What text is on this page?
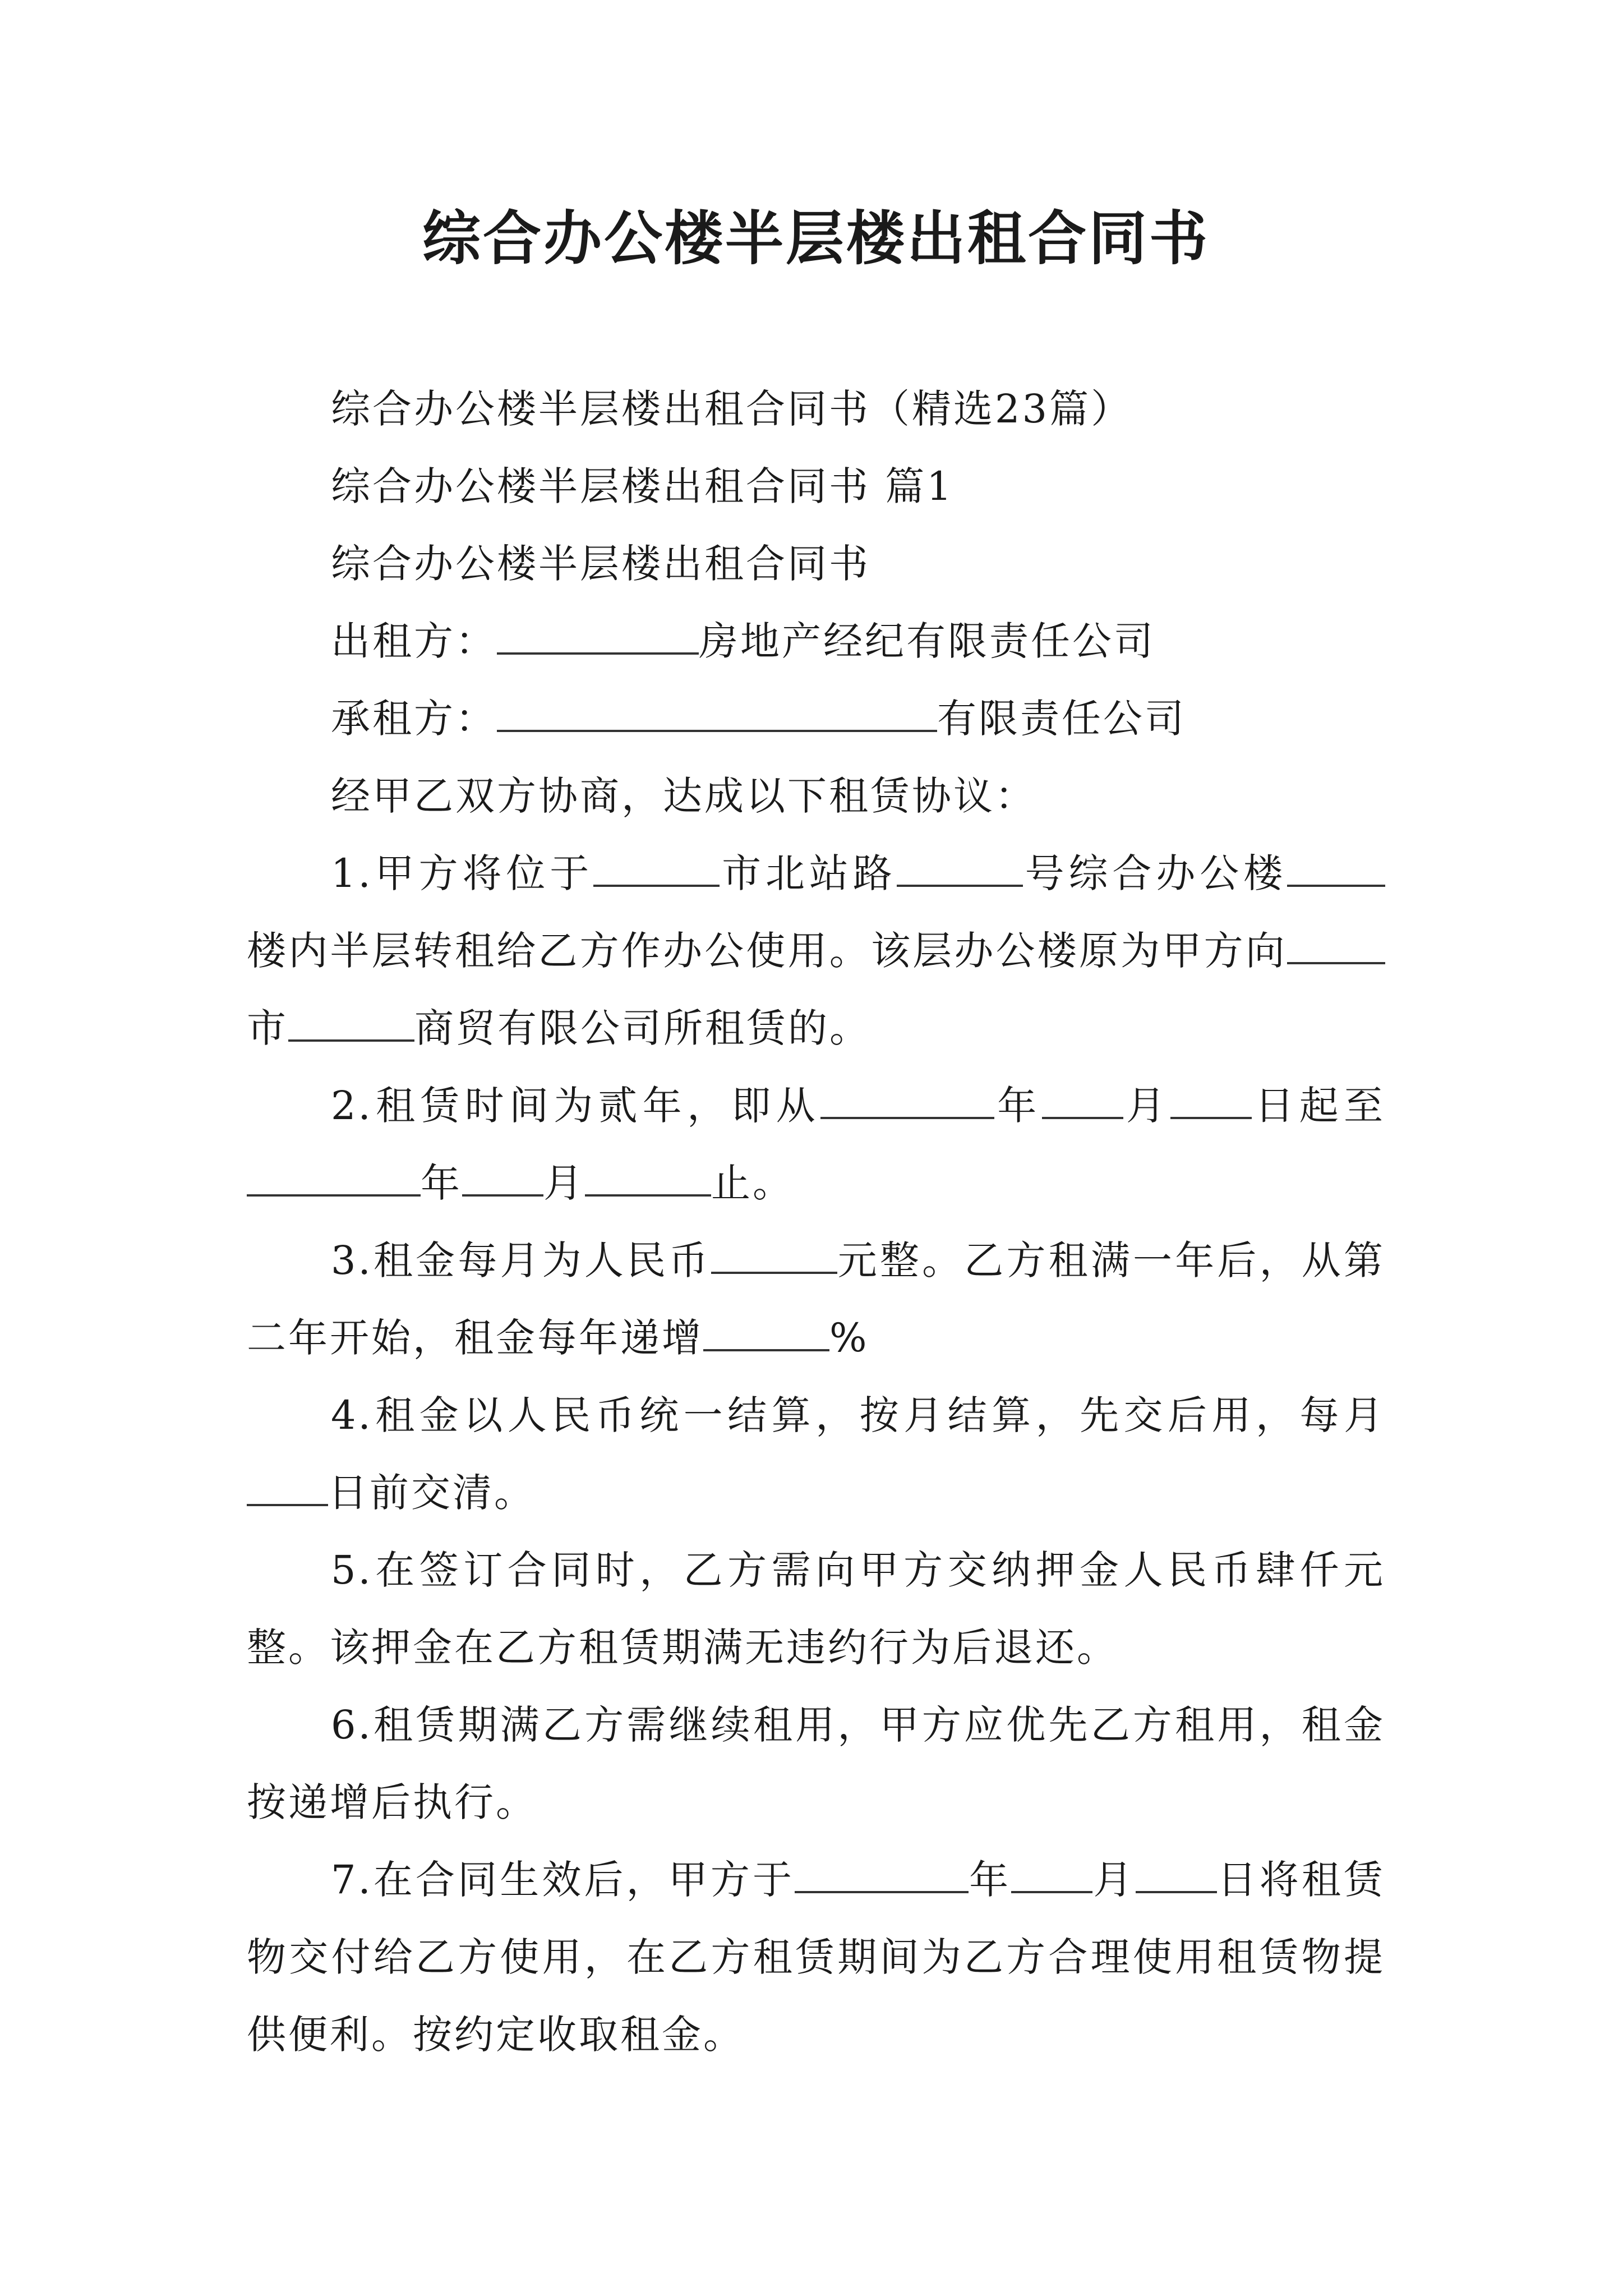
综合办公楼半层楼出租合同书
综合办公楼半层楼出租合同书（精选23篇）
综合办公楼半层楼出租合同书 篇1
综合办公楼半层楼出租合同书
出租方：	房地产经纪有限责任公司
承租方：	有限责任公司
经甲乙双方协商，达成以下租赁协议：
1.甲方将位于	市北站路	号综合办公楼楼内半层转租给乙方作办公使用。该层办公楼原为甲方向市	商贸有限公司所租赁的。
2.租赁时间为贰年，即从	年 月 日起至年 月	止。
3.租金每月为人民币	元整。乙方租满一年后，从第二年开始，租金每年递增	%
4.租金以人民币统一结算，按月结算，先交后用，每月日前交清。
5.在签订合同时，乙方需向甲方交纳押金人民币肆仟元整。该押金在乙方租赁期满无违约行为后退还。
6.租赁期满乙方需继续租用，甲方应优先乙方租用，租金按递增后执行。
7.在合同生效后，甲方于	年 月 日将租赁物交付给乙方使用，在乙方租赁期间为乙方合理使用租赁物提供便利。按约定收取租金。
